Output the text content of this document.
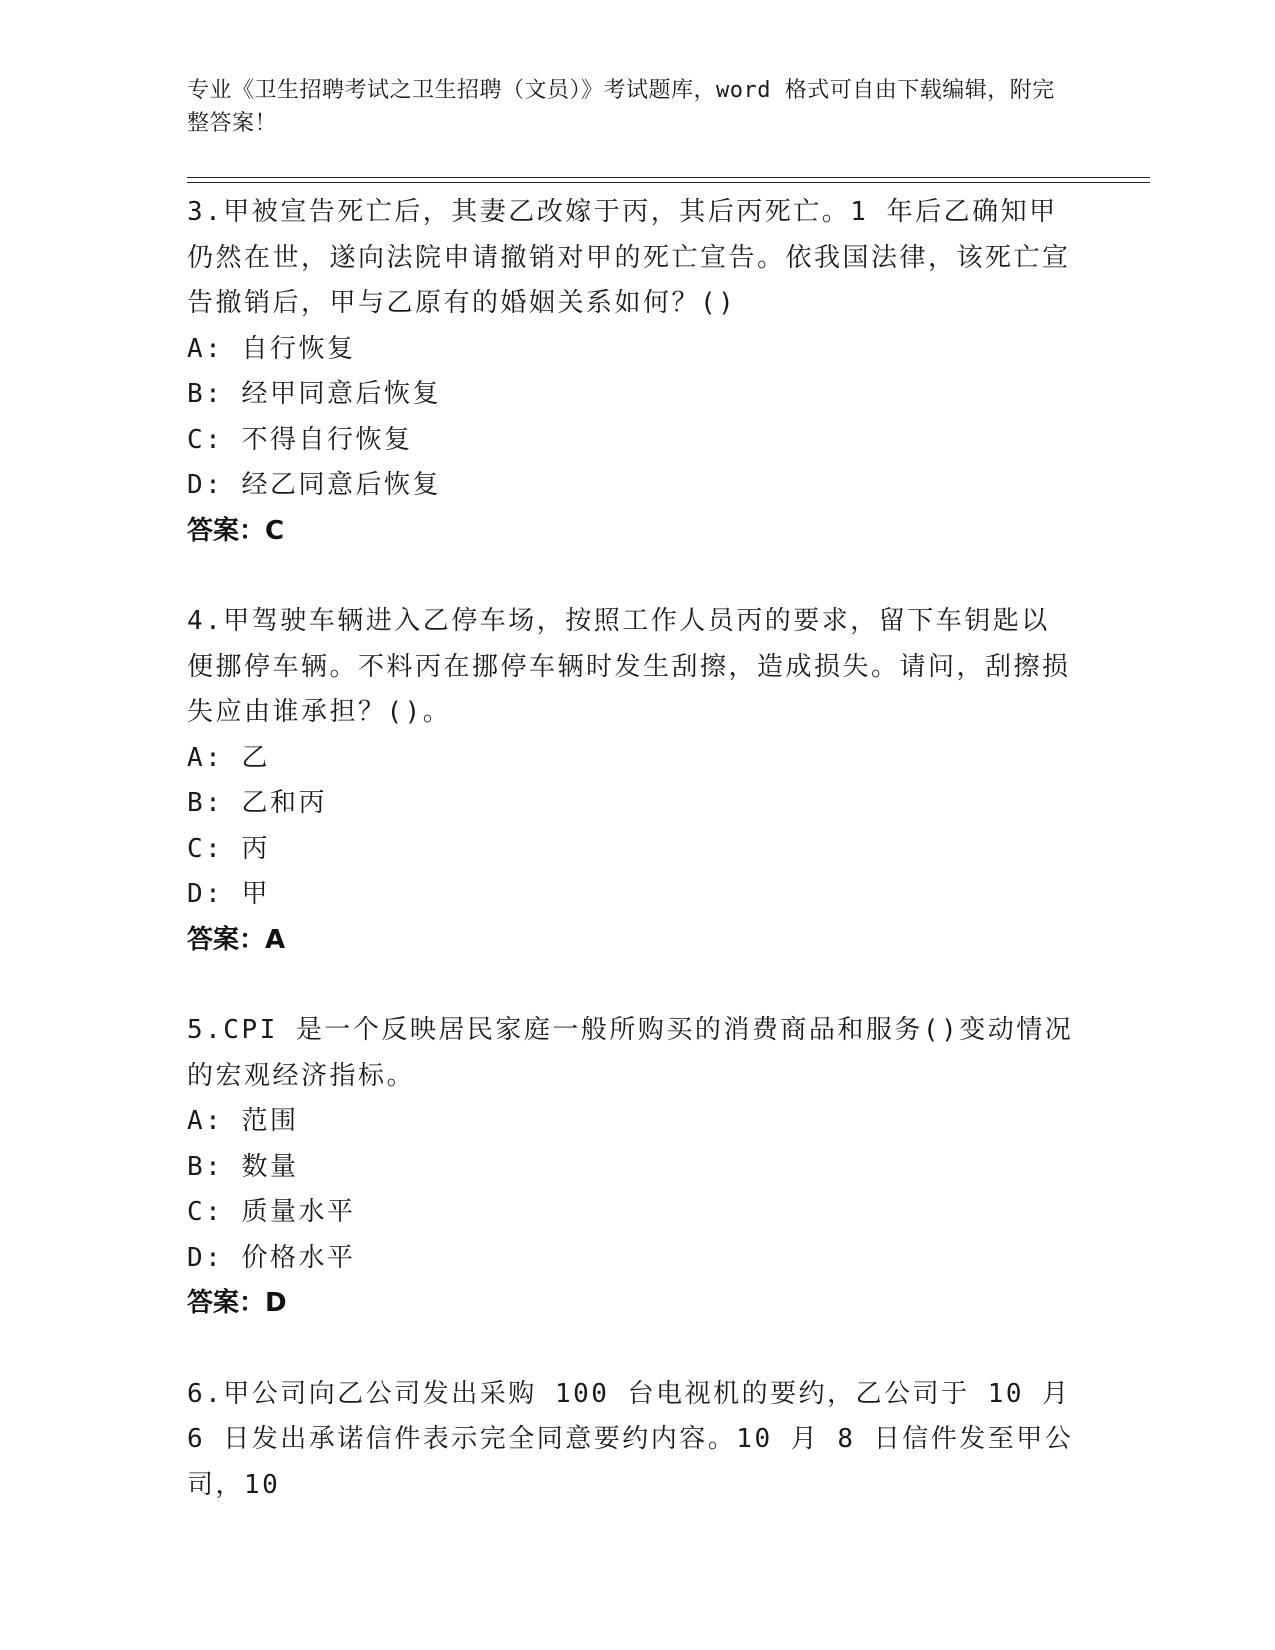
专业《卫生招聘考试之卫生招聘（文员）》考试题库，word 格式可自由下载编辑，附完整答案！

3.甲被宣告死亡后，其妻乙改嫁于丙，其后丙死亡。1 年后乙确知甲仍然在世，遂向法院申请撤销对甲的死亡宣告。依我国法律，该死亡宣告撤销后，甲与乙原有的婚姻关系如何？()

A: 自行恢复

B: 经甲同意后恢复

C: 不得自行恢复

D: 经乙同意后恢复

答案：C

4.甲驾驶车辆进入乙停车场，按照工作人员丙的要求，留下车钥匙以便挪停车辆。不料丙在挪停车辆时发生刮擦，造成损失。请问，刮擦损失应由谁承担？()。

A: 乙

B: 乙和丙

C: 丙

D: 甲

答案：A

5.CPI 是一个反映居民家庭一般所购买的消费商品和服务()变动情况的宏观经济指标。

A: 范围

B: 数量

C: 质量水平

D: 价格水平

答案：D

6.甲公司向乙公司发出采购 100 台电视机的要约，乙公司于 10 月 6 日发出承诺信件表示完全同意要约内容。10 月 8 日信件发至甲公司，10
